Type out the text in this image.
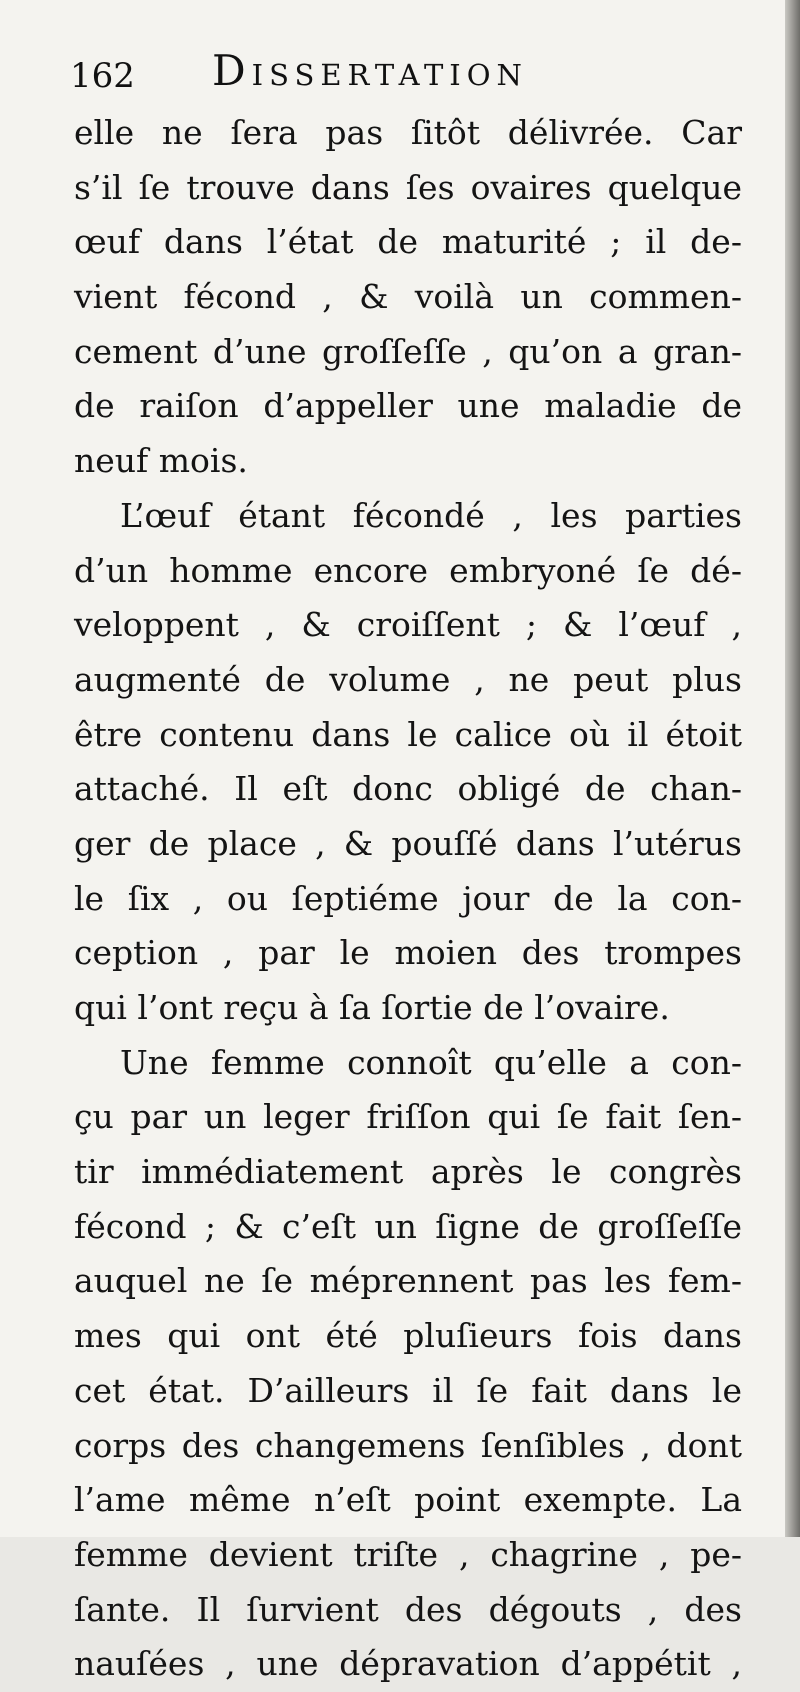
162 Dissertation
elle ne ſera pas ſitôt délivrée. Car
s’il ſe trouve dans ſes ovaires quelque
œuf dans l’état de maturité ; il de-
vient fécond , & voilà un commen-
cement d’une groſſeſſe , qu’on a gran-
de raiſon d’appeller une maladie de
neuf mois.
L’œuf étant fécondé , les parties
d’un homme encore embryoné ſe dé-
veloppent , & croiſſent ; & l’œuf ,
augmenté de volume , ne peut plus
être contenu dans le calice où il étoit
attaché. Il eſt donc obligé de chan-
ger de place , & pouſſé dans l’utérus
le ſix , ou ſeptiéme jour de la con-
ception , par le moien des trompes
qui l’ont reçu à ſa ſortie de l’ovaire.
Une femme connoît qu’elle a con-
çu par un leger friſſon qui ſe fait ſen-
tir immédiatement après le congrès
fécond ; & c’eſt un ſigne de groſſeſſe
auquel ne ſe méprennent pas les fem-
mes qui ont été pluſieurs fois dans
cet état. D’ailleurs il ſe fait dans le
corps des changemens ſenſibles , dont
l’ame même n’eſt point exempte. La
femme devient triſte , chagrine , pe-
ſante. Il ſurvient des dégouts , des
nauſées , une dépravation d’appétit ,
